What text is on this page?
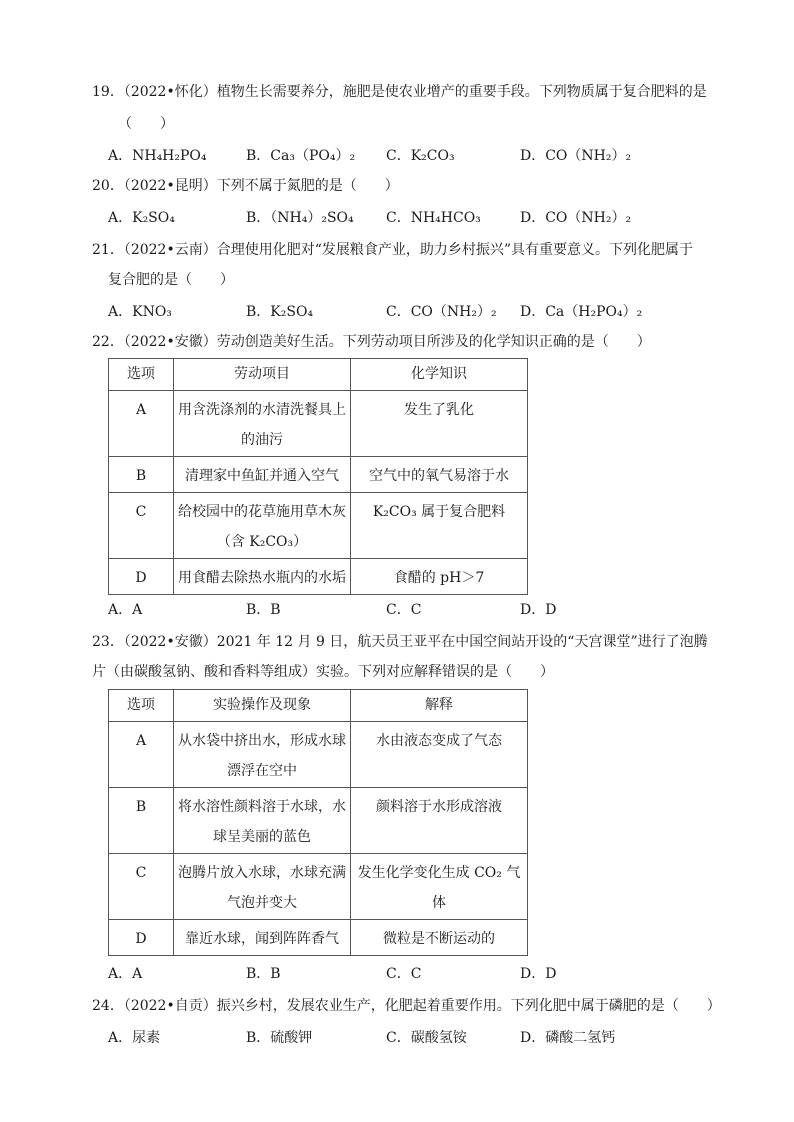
19．（2022•怀化）植物生长需要养分，施肥是使农业增产的重要手段。下列物质属于复合肥料的是
（　　）
A．NH₄H₂PO₄	B．Ca₃（PO₄）₂ C．K₂CO₃	D．CO（NH₂）₂
20．（2022•昆明）下列不属于氮肥的是（　　）
A．K₂SO₄	B．（NH₄）₂SO₄ C．NH₄HCO₃	D．CO（NH₂）₂
21．（2022•云南）合理使用化肥对“发展粮食产业，助力乡村振兴”具有重要意义。下列化肥属于
复合肥的是（　　）
A．KNO₃	B．K₂SO₄	C．CO（NH₂）₂ D．Ca（H₂PO₄）₂
22．（2022•安徽）劳动创造美好生活。下列劳动项目所涉及的化学知识正确的是（　　）
选项	劳动项目	化学知识

A	用含洗涤剂的水清洗餐具上
的油污	发生了乳化

B	清理家中鱼缸并通入空气	空气中的氧气易溶于水

C	给校园中的花草施用草木灰
（含 K₂CO₃）	K₂CO₃ 属于复合肥料

D	用食醋去除热水瓶内的水垢	食醋的 pH＞7
A．A	B．B	C．C	D．D
23．（2022•安徽）2021 年 12 月 9 日，航天员王亚平在中国空间站开设的“天宫课堂”进行了泡腾
片（由碳酸氢钠、酸和香料等组成）实验。下列对应解释错误的是（　　）
选项	实验操作及现象	解释

A	从水袋中挤出水，形成水球
漂浮在空中	水由液态变成了气态

B	将水溶性颜料溶于水球，水
球呈美丽的蓝色	颜料溶于水形成溶液

C	泡腾片放入水球，水球充满
气泡并变大	发生化学变化生成 CO₂ 气体

D	靠近水球，闻到阵阵香气	微粒是不断运动的
A．A	B．B	C．C	D．D
24．（2022•自贡）振兴乡村，发展农业生产，化肥起着重要作用。下列化肥中属于磷肥的是（　　）
A．尿素	B．硫酸钾	C．碳酸氢铵	D．磷酸二氢钙
